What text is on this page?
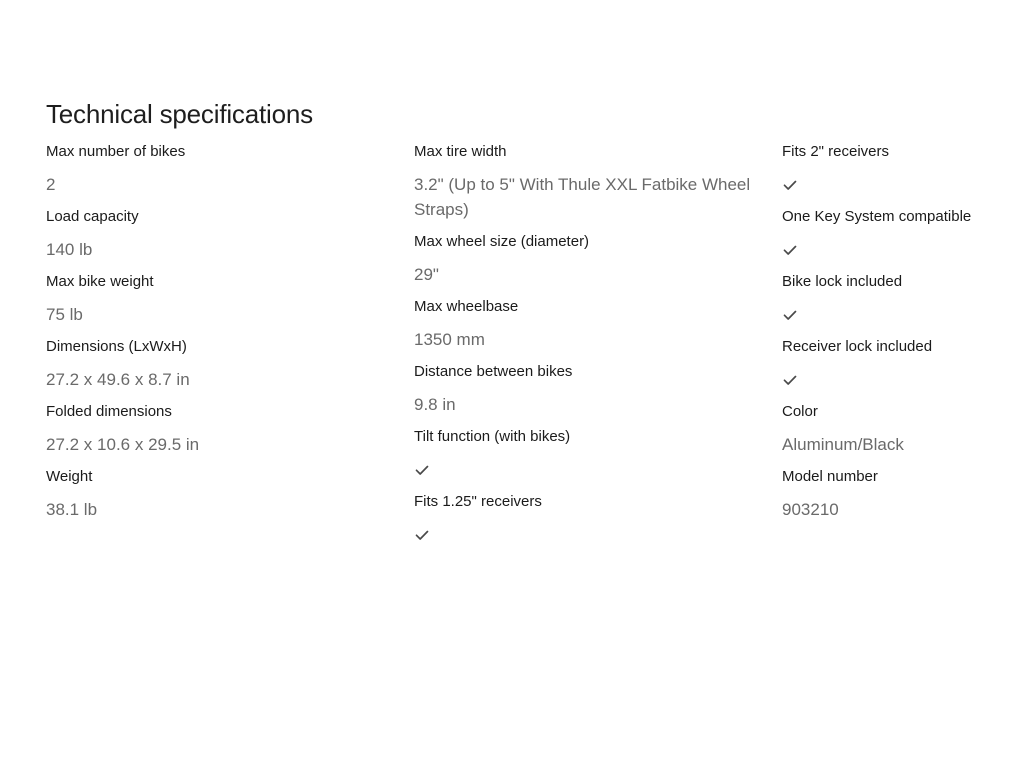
Technical specifications
Max number of bikes
2
Load capacity
140 lb
Max bike weight
75 lb
Dimensions (LxWxH)
27.2 x 49.6 x 8.7 in
Folded dimensions
27.2 x 10.6 x 29.5 in
Weight
38.1 lb
Max tire width
3.2" (Up to 5" With Thule XXL Fatbike Wheel Straps)
Max wheel size (diameter)
29"
Max wheelbase
1350 mm
Distance between bikes
9.8 in
Tilt function (with bikes)
Fits 1.25" receivers
Fits 2" receivers
One Key System compatible
Bike lock included
Receiver lock included
Color
Aluminum/Black
Model number
903210
